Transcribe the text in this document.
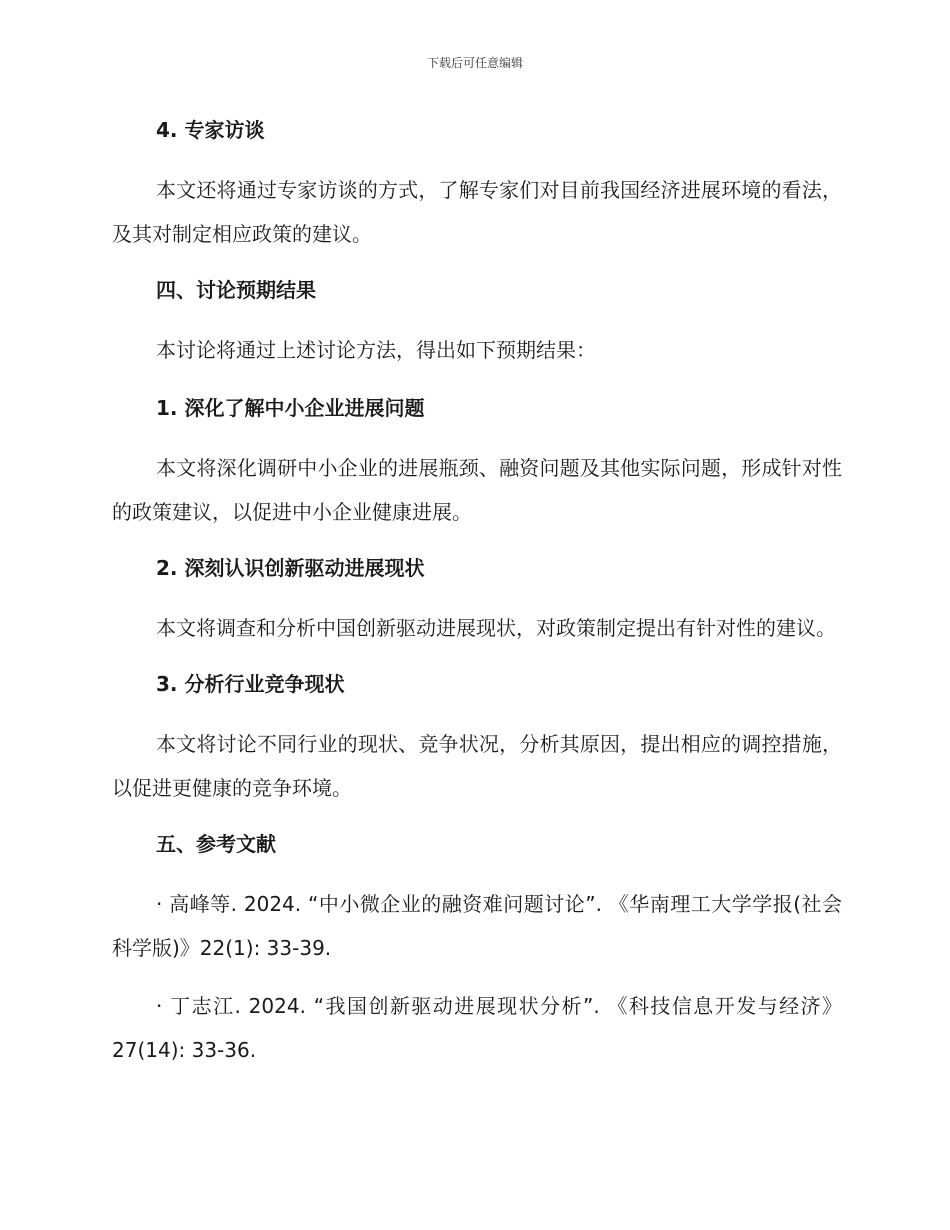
下载后可任意编辑
4. 专家访谈

本文还将通过专家访谈的方式，了解专家们对目前我国经济进展环境的看法，及其对制定相应政策的建议。

四、讨论预期结果

本讨论将通过上述讨论方法，得出如下预期结果：

1. 深化了解中小企业进展问题

本文将深化调研中小企业的进展瓶颈、融资问题及其他实际问题，形成针对性的政策建议，以促进中小企业健康进展。

2. 深刻认识创新驱动进展现状

本文将调查和分析中国创新驱动进展现状，对政策制定提出有针对性的建议。

3. 分析行业竞争现状

本文将讨论不同行业的现状、竞争状况，分析其原因，提出相应的调控措施，以促进更健康的竞争环境。

五、参考文献

· 高峰等. 2024. “中小微企业的融资难问题讨论”. 《华南理工大学学报(社会科学版)》22(1): 33-39.

· 丁志江. 2024. “我国创新驱动进展现状分析”. 《科技信息开发与经济》27(14): 33-36.
